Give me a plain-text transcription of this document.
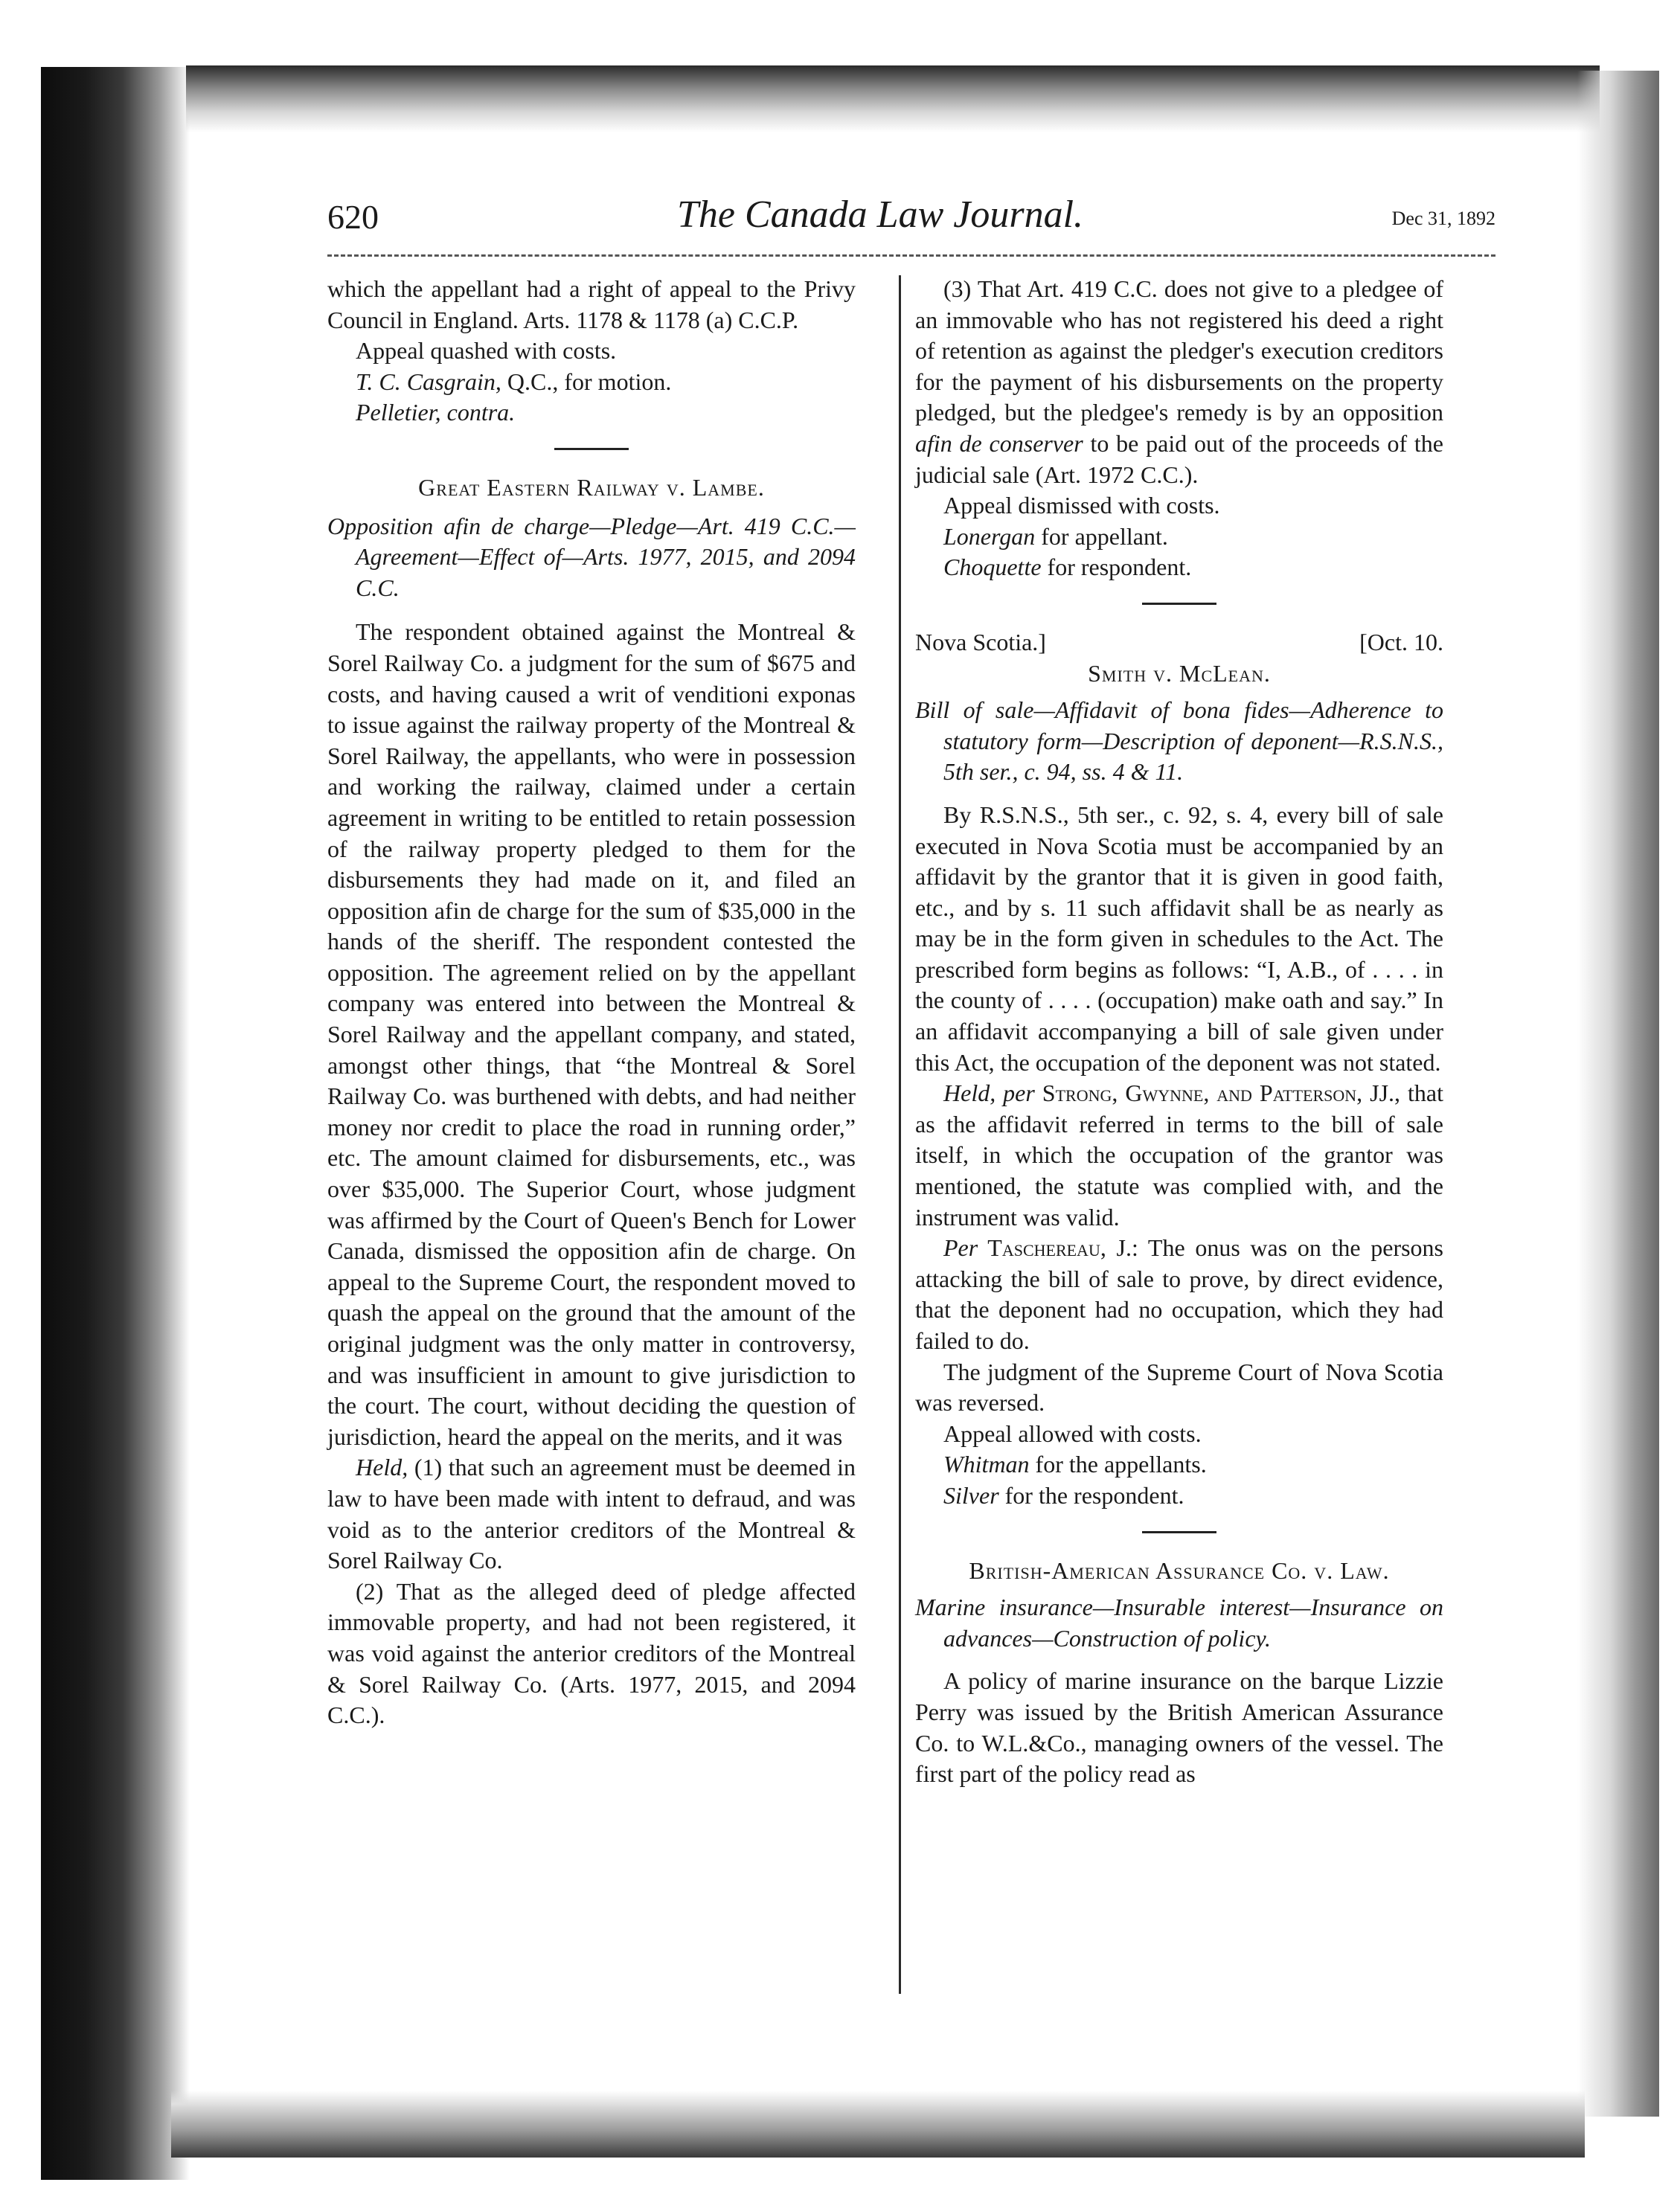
620	The Canada Law Journal.	Dec 31, 1892

which the appellant had a right of appeal to the Privy Council in England. Arts. 1178 & 1178 (a) C.C.P.

Appeal quashed with costs.

T. C. Casgrain, Q.C., for motion.

Pelletier, contra.

Great Eastern Railway v. Lambe.

Opposition afin de charge—Pledge—Art. 419 C.C.—Agreement—Effect of—Arts. 1977, 2015, and 2094 C.C.

The respondent obtained against the Montreal & Sorel Railway Co. a judgment for the sum of $675 and costs, and having caused a writ of venditioni exponas to issue against the railway property of the Montreal & Sorel Railway, the appellants, who were in possession and working the railway, claimed under a certain agreement in writing to be entitled to retain possession of the railway property pledged to them for the disbursements they had made on it, and filed an opposition afin de charge for the sum of $35,000 in the hands of the sheriff. The respondent contested the opposition. The agreement relied on by the appellant company was entered into between the Montreal & Sorel Railway and the appellant company, and stated, amongst other things, that “the Montreal & Sorel Railway Co. was burthened with debts, and had neither money nor credit to place the road in running order,” etc. The amount claimed for disbursements, etc., was over $35,000. The Superior Court, whose judgment was affirmed by the Court of Queen's Bench for Lower Canada, dismissed the opposition afin de charge. On appeal to the Supreme Court, the respondent moved to quash the appeal on the ground that the amount of the original judgment was the only matter in controversy, and was insufficient in amount to give jurisdiction to the court. The court, without deciding the question of jurisdiction, heard the appeal on the merits, and it was

Held, (1) that such an agreement must be deemed in law to have been made with intent to defraud, and was void as to the anterior creditors of the Montreal & Sorel Railway Co.

(2) That as the alleged deed of pledge affected immovable property, and had not been registered, it was void against the anterior creditors of the Montreal & Sorel Railway Co. (Arts. 1977, 2015, and 2094 C.C.).

(3) That Art. 419 C.C. does not give to a pledgee of an immovable who has not registered his deed a right of retention as against the pledger's execution creditors for the payment of his disbursements on the property pledged, but the pledgee's remedy is by an opposition afin de conserver to be paid out of the proceeds of the judicial sale (Art. 1972 C.C.).

Appeal dismissed with costs.

Lonergan for appellant.

Choquette for respondent.

Nova Scotia.]	[Oct. 10.

Smith v. McLean.

Bill of sale—Affidavit of bona fides—Adherence to statutory form—Description of deponent—R.S.N.S., 5th ser., c. 94, ss. 4 & 11.

By R.S.N.S., 5th ser., c. 92, s. 4, every bill of sale executed in Nova Scotia must be accompanied by an affidavit by the grantor that it is given in good faith, etc., and by s. 11 such affidavit shall be as nearly as may be in the form given in schedules to the Act. The prescribed form begins as follows: “I, A.B., of . . . . in the county of . . . . (occupation) make oath and say.” In an affidavit accompanying a bill of sale given under this Act, the occupation of the deponent was not stated.

Held, per Strong, Gwynne, and Patterson, JJ., that as the affidavit referred in terms to the bill of sale itself, in which the occupation of the grantor was mentioned, the statute was complied with, and the instrument was valid.

Per Taschereau, J.: The onus was on the persons attacking the bill of sale to prove, by direct evidence, that the deponent had no occupation, which they had failed to do.

The judgment of the Supreme Court of Nova Scotia was reversed.

Appeal allowed with costs.

Whitman for the appellants.

Silver for the respondent.

British-American Assurance Co. v. Law.

Marine insurance—Insurable interest—Insurance on advances—Construction of policy.

A policy of marine insurance on the barque Lizzie Perry was issued by the British American Assurance Co. to W.L.&Co., managing owners of the vessel. The first part of the policy read as
